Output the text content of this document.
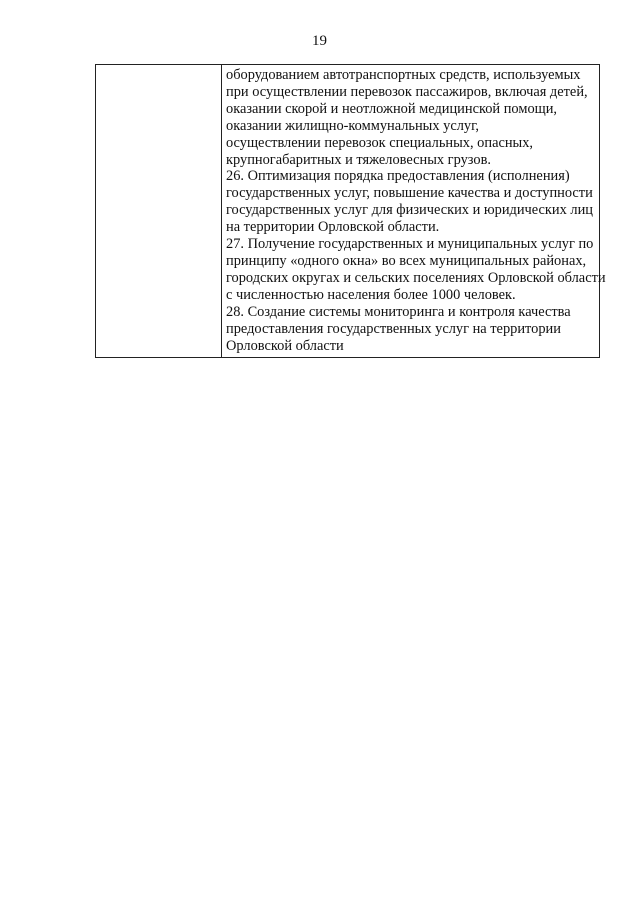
19

оборудованием автотранспортных средств, используемых
при осуществлении перевозок пассажиров, включая детей,
оказании скорой и неотложной медицинской помощи,
оказании жилищно-коммунальных услуг,
осуществлении перевозок специальных, опасных,
крупногабаритных и тяжеловесных грузов.
26. Оптимизация порядка предоставления (исполнения)
государственных услуг, повышение качества и доступности
государственных услуг для физических и юридических лиц
на территории Орловской области.
27. Получение государственных и муниципальных услуг по
принципу «одного окна» во всех муниципальных районах,
городских округах и сельских поселениях Орловской области
с численностью населения более 1000 человек.
28. Создание системы мониторинга и контроля качества
предоставления государственных услуг на территории
Орловской области
